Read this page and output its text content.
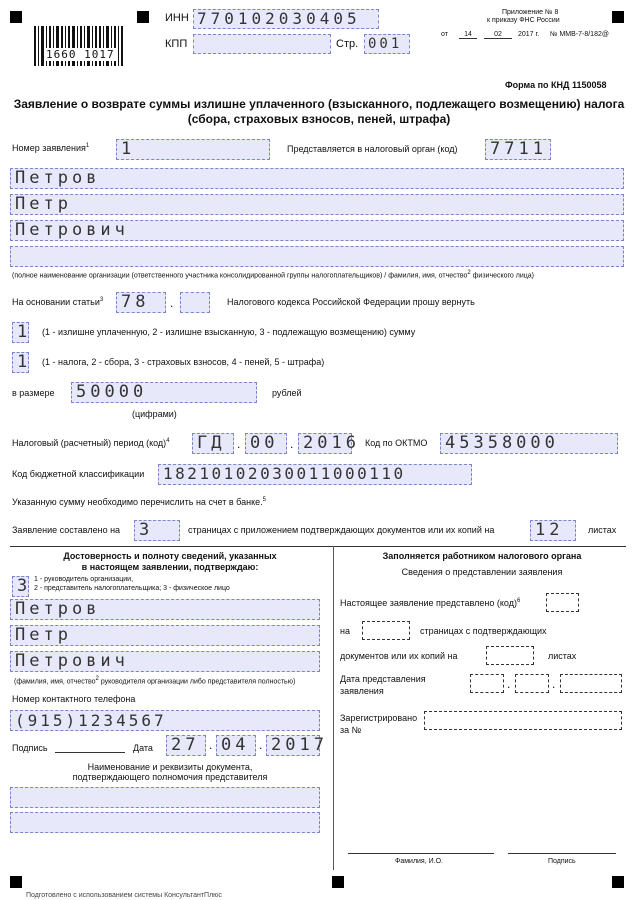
1660 1017
ИНН 770102030405
КПП	Стр. 001
Приложение № 8
к приказу ФНС России
от	14	02	2017 г. № ММВ-7-8/182@
Форма по КНД 1150058
Заявление о возврате суммы излишне уплаченного (взысканного, подлежащего возмещению) налога
(сбора, страховых взносов, пеней, штрафа)
Номер заявления$^1$ 1	Представляется в налоговый орган (код) 7711
Петров
Петр
Петрович
(полное наименование организации (ответственного участника консолидированной группы налогоплательщиков) / фамилия, имя, отчество$^2$ физического лица)
На основании статьи$^3$ 78	.	Налогового кодекса Российской Федерации прошу вернуть
1 (1 - излишне уплаченную, 2 - излишне взысканную, 3 - подлежащую возмещению) сумму
1 (1 - налога, 2 - сбора, 3 - страховых взносов, 4 - пеней, 5 - штрафа)
в размере 50000	рублей
(цифрами)
Налоговый (расчетный) период (код)$^4$ ГД . 00 . 2016 Код по ОКТМО 45358000
Код бюджетной классификации	18210102030011000110
Указанную сумму необходимо перечислить на счет в банке.$^5$
Заявление составлено на 3	страницах с приложением подтверждающих документов или их копий на 12	листах
Достоверность и полноту сведений, указанных
в настоящем заявлении, подтверждаю:
3 1 - руководитель организации,
2 - представитель налогоплательщика; 3 - физическое лицо
Петров
Петр
Петрович
(фамилия, имя, отчество$^2$ руководителя организации либо представителя полностью)
Номер контактного телефона
(915)1234567
Подпись	Дата 27 . 04 . 2017
Наименование и реквизиты документа,
подтверждающего полномочия представителя
Заполняется работником налогового органа
Сведения о представлении заявления
Настоящее заявление представлено (код)$^6$
на	страницах с подтверждающих
документов или их копий на	листах
Дата представления
заявления	.	.
Зарегистрировано
за №
Фамилия, И.О.	Подпись
Подготовлено с использованием системы КонсультантПлюс
